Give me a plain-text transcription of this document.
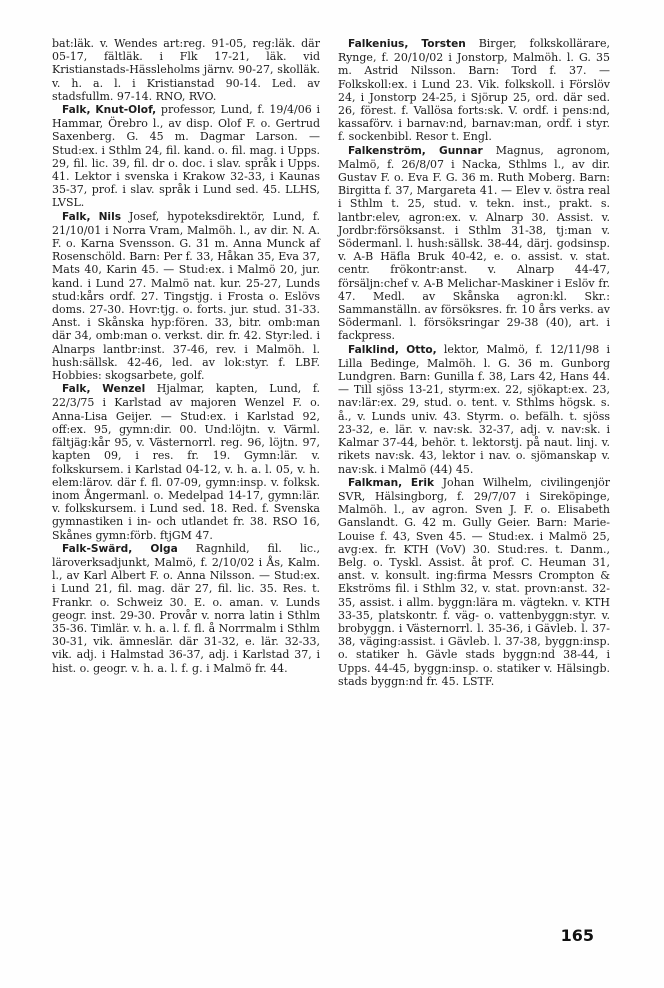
bat:läk. v. Wendes art:reg. 91-05, reg:läk. där 05-17, fältläk. i Flk 17-21, läk. vid Kristianstads-Hässleholms järnv. 90-27, skolläk. v. h. a. l. i Kristianstad 90-14. Led. av stadsfullm. 97-14. RNO, RVO.

Falk, Knut-Olof, professor, Lund, f. 19/4/06 i Hammar, Örebro l., av disp. Olof F. o. Gertrud Saxenberg. G. 45 m. Dagmar Larson. — Stud:ex. i Sthlm 24, fil. kand. o. fil. mag. i Upps. 29, fil. lic. 39, fil. dr o. doc. i slav. språk i Upps. 41. Lektor i svenska i Krakow 32-33, i Kaunas 35-37, prof. i slav. språk i Lund sed. 45. LLHS, LVSL.

Falk, Nils Josef, hypoteksdirektör, Lund, f. 21/10/01 i Norra Vram, Malmöh. l., av dir. N. A. F. o. Karna Svensson. G. 31 m. Anna Munck af Rosenschöld. Barn: Per f. 33, Håkan 35, Eva 37, Mats 40, Karin 45. — Stud:ex. i Malmö 20, jur. kand. i Lund 27. Malmö nat. kur. 25-27, Lunds stud:kårs ordf. 27. Tingstjg. i Frosta o. Eslövs doms. 27-30. Hovr:tjg. o. forts. jur. stud. 31-33. Anst. i Skånska hyp:fören. 33, bitr. omb:man där 34, omb:man o. verkst. dir. fr. 42. Styr:led. i Alnarps lantbr:inst. 37-46, rev. i Malmöh. l. hush:sällsk. 42-46, led. av lok:styr. f. LBF. Hobbies: skogsarbete, golf.

Falk, Wenzel Hjalmar, kapten, Lund, f. 22/3/75 i Karlstad av majoren Wenzel F. o. Anna-Lisa Geijer. — Stud:ex. i Karlstad 92, off:ex. 95, gymn:dir. 00. Und:löjtn. v. Värml. fältjäg:kår 95, v. Västernorrl. reg. 96, löjtn. 97, kapten 09, i res. fr. 19. Gymn:lär. v. folkskursem. i Karlstad 04-12, v. h. a. l. 05, v. h. elem:lärov. där f. fl. 07-09, gymn:insp. v. folksk. inom Ångermanl. o. Medelpad 14-17, gymn:lär. v. folkskursem. i Lund sed. 18. Red. f. Svenska gymnastiken i in- och utlandet fr. 38. RSO 16, Skånes gymn:förb. ftjGM 47.

Falk-Swärd, Olga Ragnhild, fil. lic., läroverksadjunkt, Malmö, f. 2/10/02 i Ås, Kalm. l., av Karl Albert F. o. Anna Nilsson. — Stud:ex. i Lund 21, fil. mag. där 27, fil. lic. 35. Res. t. Frankr. o. Schweiz 30. E. o. aman. v. Lunds geogr. inst. 29-30. Provår v. norra latin i Sthlm 35-36. Timlär. v. h. a. l. f. fl. å Norrmalm i Sthlm 30-31, vik. ämneslär. där 31-32, e. lär. 32-33, vik. adj. i Halmstad 36-37, adj. i Karlstad 37, i hist. o. geogr. v. h. a. l. f. g. i Malmö fr. 44.

Falkenius, Torsten Birger, folkskollärare, Rynge, f. 20/10/02 i Jonstorp, Malmöh. l. G. 35 m. Astrid Nilsson. Barn: Tord f. 37. — Folkskoll:ex. i Lund 23. Vik. folkskoll. i Förslöv 24, i Jonstorp 24-25, i Sjörup 25, ord. där sed. 26, förest. f. Vallösa forts:sk. V. ordf. i pens:nd, kassaförv. i barnav:nd, barnav:man, ordf. i styr. f. sockenbibl. Resor t. Engl.

Falkenström, Gunnar Magnus, agronom, Malmö, f. 26/8/07 i Nacka, Sthlms l., av dir. Gustav F. o. Eva F. G. 36 m. Ruth Moberg. Barn: Birgitta f. 37, Margareta 41. — Elev v. östra real i Sthlm t. 25, stud. v. tekn. inst., prakt. s. lantbr:elev, agron:ex. v. Alnarp 30. Assist. v. Jordbr:försöksanst. i Sthlm 31-38, tj:man v. Södermanl. l. hush:sällsk. 38-44, därj. godsinsp. v. A-B Häfla Bruk 40-42, e. o. assist. v. stat. centr. frökontr:anst. v. Alnarp 44-47, försäljn:chef v. A-B Melichar-Maskiner i Eslöv fr. 47. Medl. av Skånska agron:kl. Skr.: Sammanställn. av försöksres. fr. 10 års verks. av Södermanl. l. försöksringar 29-38 (40), art. i fackpress.

Falklind, Otto, lektor, Malmö, f. 12/11/98 i Lilla Bedinge, Malmöh. l. G. 36 m. Gunborg Lundgren. Barn: Gunilla f. 38, Lars 42, Hans 44. — Till sjöss 13-21, styrm:ex. 22, sjökapt:ex. 23, nav:lär:ex. 29, stud. o. tent. v. Sthlms högsk. s. å., v. Lunds univ. 43. Styrm. o. befälh. t. sjöss 23-32, e. lär. v. nav:sk. 32-37, adj. v. nav:sk. i Kalmar 37-44, behör. t. lektorstj. på naut. linj. v. rikets nav:sk. 43, lektor i nav. o. sjömanskap v. nav:sk. i Malmö (44) 45.

Falkman, Erik Johan Wilhelm, civilingenjör SVR, Hälsingborg, f. 29/7/07 i Sireköpinge, Malmöh. l., av agron. Sven J. F. o. Elisabeth Ganslandt. G. 42 m. Gully Geier. Barn: Marie-Louise f. 43, Sven 45. — Stud:ex. i Malmö 25, avg:ex. fr. KTH (VoV) 30. Stud:res. t. Danm., Belg. o. Tyskl. Assist. åt prof. C. Heuman 31, anst. v. konsult. ing:firma Messrs Crompton & Ekströms fil. i Sthlm 32, v. stat. provn:anst. 32-35, assist. i allm. byggn:lära m. vägtekn. v. KTH 33-35, platskontr. f. väg- o. vattenbyggn:styr. v. brobyggn. i Västernorrl. l. 35-36, i Gävleb. l. 37-38, väging:assist. i Gävleb. l. 37-38, byggn:insp. o. statiker h. Gävle stads byggn:nd 38-44, i Upps. 44-45, byggn:insp. o. statiker v. Hälsingb. stads byggn:nd fr. 45. LSTF.

165
